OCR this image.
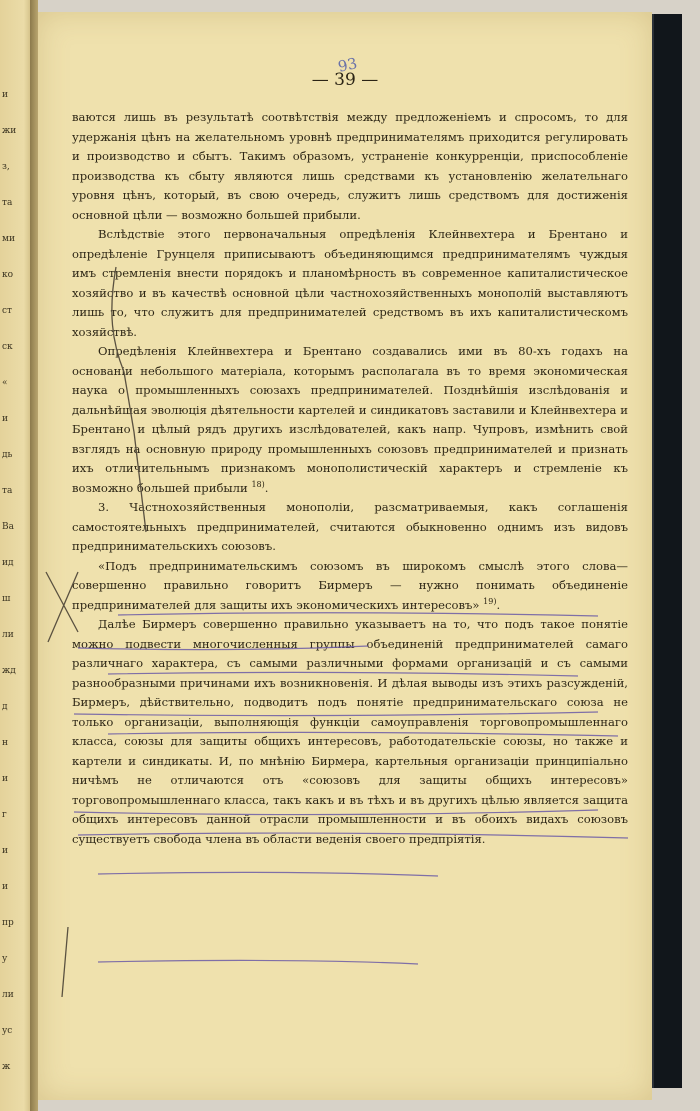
и
жи
з,
та
ми
ко
ст
ск
«
и
дь
та
Ba
ид
ш
ли
жд
д
н
и
г
и
и
пр
у
ли
ус
ж
93
— 39 —

ваются лишь въ результатѣ соотвѣтствія между предложеніемъ и спросомъ, то для удержанія цѣнъ на желательномъ уровнѣ предпринимателямъ приходится регулировать и производство и сбытъ. Такимъ образомъ, устраненіе конкурренціи, приспособленіе производства къ сбыту являются лишь средствами къ установленію желательнаго уровня цѣнъ, который, въ свою очередь, служитъ лишь средствомъ для достиженія основной цѣли — возможно большей прибыли.

Вслѣдствіе этого первоначальныя опредѣленія Клейнвехтера и Брентано и опредѣленіе Грунцеля приписываютъ объединяющимся предпринимателямъ чуждыя имъ стремленія внести порядокъ и планомѣрность въ современное капиталистическое хозяйство и въ качествѣ основной цѣли частнохозяйственныхъ монополій выставляютъ лишь то, что служитъ для предпринимателей средствомъ въ ихъ капиталистическомъ хозяйствѣ.

Опредѣленія Клейнвехтера и Брентано создавались ими въ 80-хъ годахъ на основаніи небольшого матеріала, которымъ располагала въ то время экономическая наука о промышленныхъ союзахъ предпринимателей. Позднѣйшія изслѣдованія и дальнѣйшая эволюція дѣятельности картелей и синдикатовъ заставили и Клейнвехтера и Брентано и цѣлый рядъ другихъ изслѣдователей, какъ напр. Чупровъ, измѣнить свой взглядъ на основную природу промышленныхъ союзовъ предпринимателей и признать ихъ отличительнымъ признакомъ монополистическій характеръ и стремленіе къ возможно большей прибыли $^{18)}$.

3. Частнохозяйственныя монополіи, разсматриваемыя, какъ соглашенія самостоятельныхъ предпринимателей, считаются обыкновенно однимъ изъ видовъ предпринимательскихъ союзовъ.

«Подъ предпринимательскимъ союзомъ въ широкомъ смыслѣ этого слова—совершенно правильно говоритъ Бирмеръ — нужно понимать объединеніе предпринимателей для защиты ихъ экономическихъ интересовъ» $^{19)}$.

Далѣе Бирмеръ совершенно правильно указываетъ на то, что подъ такое понятіе можно подвести многочисленныя группы объединеній предпринимателей самаго различнаго характера, съ самыми различными формами организацій и съ самыми разнообразными причинами ихъ возникновенія. И дѣлая выводы изъ этихъ разсужденій, Бирмеръ, дѣйствительно, подводитъ подъ понятіе предпринимательскаго союза не только организаціи, выполняющія функціи самоуправленія торговопромышленнаго класса, союзы для защиты общихъ интересовъ, работодательскіе союзы, но также и картели и синдикаты. И, по мнѣнію Бирмера, картельныя организаціи принципіально ничѣмъ не отличаются отъ «союзовъ для защиты общихъ интересовъ» торговопромышленнаго класса, такъ какъ и въ тѣхъ и въ другихъ цѣлью является защита общихъ интересовъ данной отрасли промышленности и въ обоихъ видахъ союзовъ существуетъ свобода члена въ области веденія своего предпріятія.
